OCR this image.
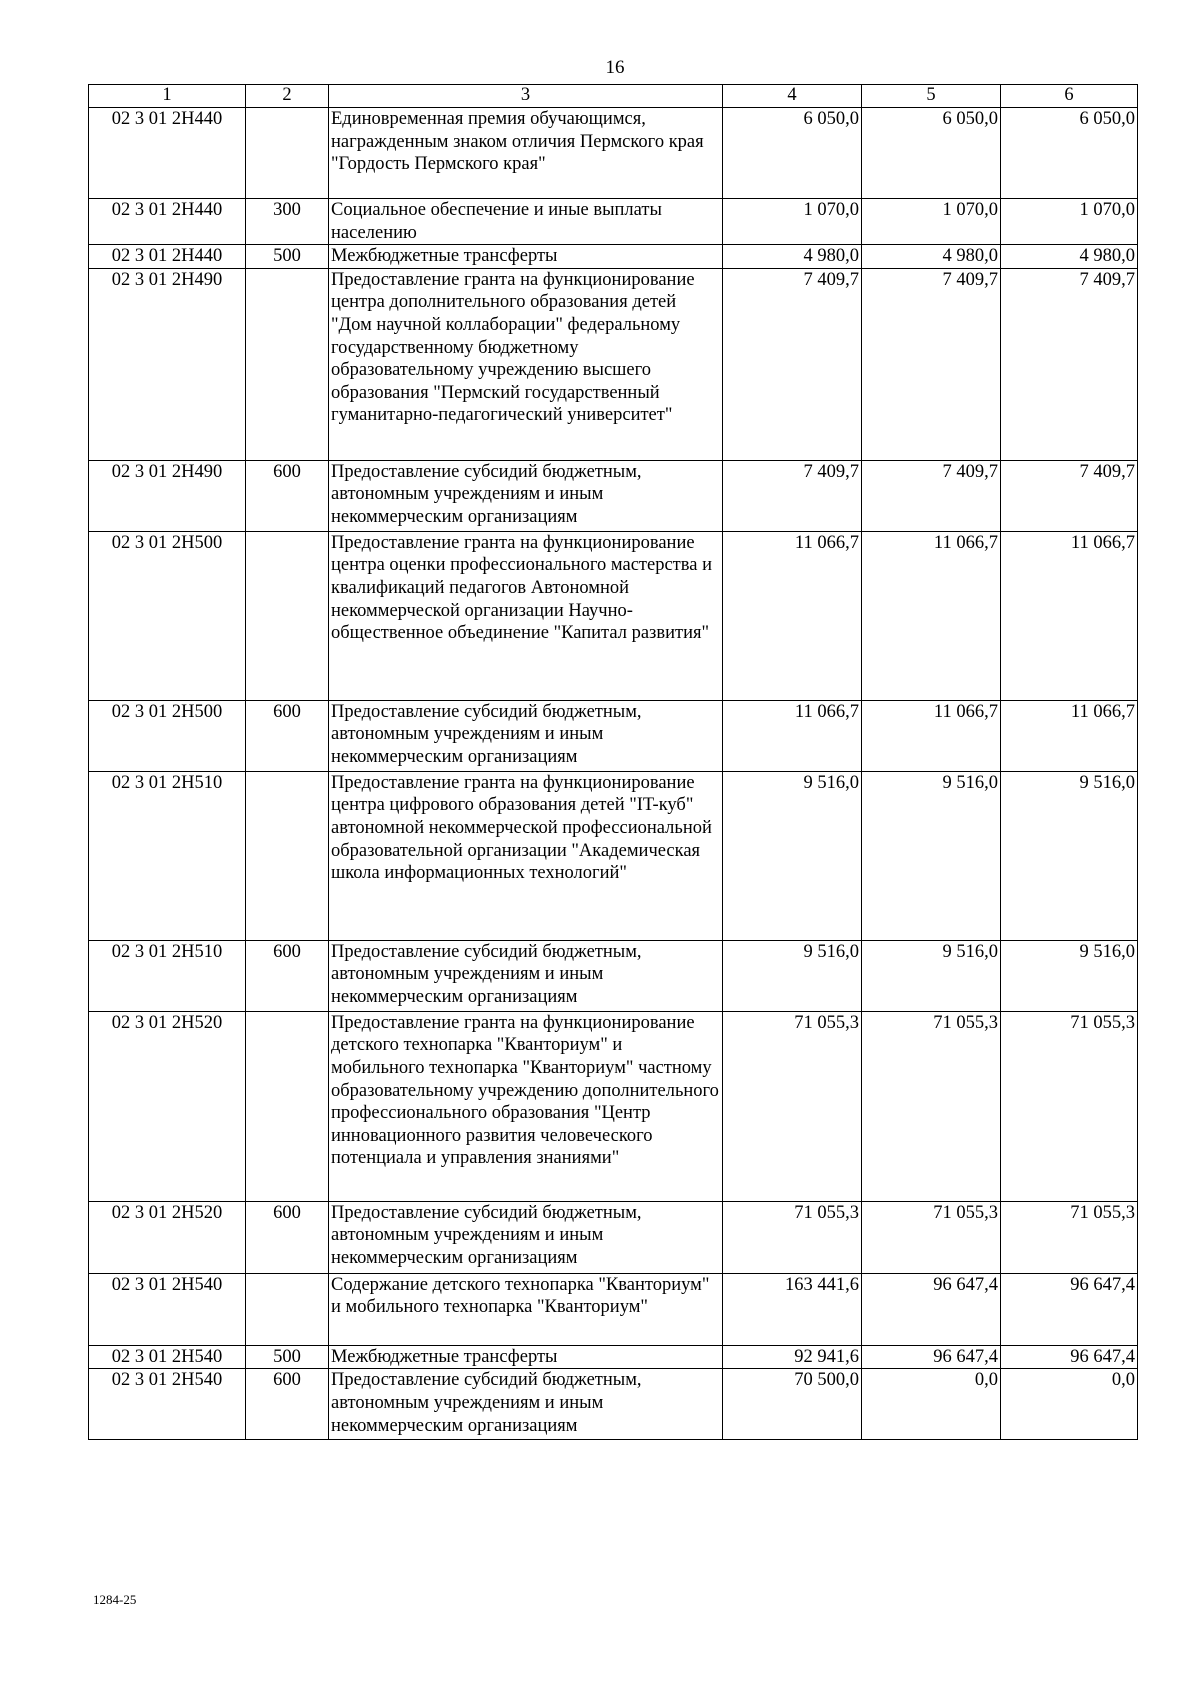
16
1	2	3	4	5	6
02 3 01 2Н440		Единовременная премия обучающимся, награжденным знаком отличия Пермского края "Гордость Пермского края"	6 050,0	6 050,0	6 050,0
02 3 01 2Н440	300	Социальное обеспечение и иные выплаты населению	1 070,0	1 070,0	1 070,0
02 3 01 2Н440	500	Межбюджетные трансферты	4 980,0	4 980,0	4 980,0
02 3 01 2Н490		Предоставление гранта на функционирование центра дополнительного образования детей "Дом научной коллаборации" федеральному государственному бюджетному образовательному учреждению высшего образования "Пермский государственный гуманитарно-педагогический университет"	7 409,7	7 409,7	7 409,7
02 3 01 2Н490	600	Предоставление субсидий бюджетным, автономным учреждениям и иным некоммерческим организациям	7 409,7	7 409,7	7 409,7
02 3 01 2Н500		Предоставление гранта на функционирование центра оценки профессионального мастерства и квалификаций педагогов Автономной некоммерческой организации Научно-общественное объединение "Капитал развития"	11 066,7	11 066,7	11 066,7
02 3 01 2Н500	600	Предоставление субсидий бюджетным, автономным учреждениям и иным некоммерческим организациям	11 066,7	11 066,7	11 066,7
02 3 01 2Н510		Предоставление гранта на функционирование центра цифрового образования детей "IT-куб" автономной некоммерческой профессиональной образовательной организации "Академическая школа информационных технологий"	9 516,0	9 516,0	9 516,0
02 3 01 2Н510	600	Предоставление субсидий бюджетным, автономным учреждениям и иным некоммерческим организациям	9 516,0	9 516,0	9 516,0
02 3 01 2Н520		Предоставление гранта на функционирование детского технопарка "Кванториум" и мобильного технопарка "Кванториум" частному образовательному учреждению дополнительного профессионального образования "Центр инновационного развития человеческого потенциала и управления знаниями"	71 055,3	71 055,3	71 055,3
02 3 01 2Н520	600	Предоставление субсидий бюджетным, автономным учреждениям и иным некоммерческим организациям	71 055,3	71 055,3	71 055,3
02 3 01 2Н540		Содержание детского технопарка "Кванториум" и мобильного технопарка "Кванториум"	163 441,6	96 647,4	96 647,4
02 3 01 2Н540	500	Межбюджетные трансферты	92 941,6	96 647,4	96 647,4
02 3 01 2Н540	600	Предоставление субсидий бюджетным, автономным учреждениям и иным некоммерческим организациям	70 500,0	0,0	0,0
1284-25
